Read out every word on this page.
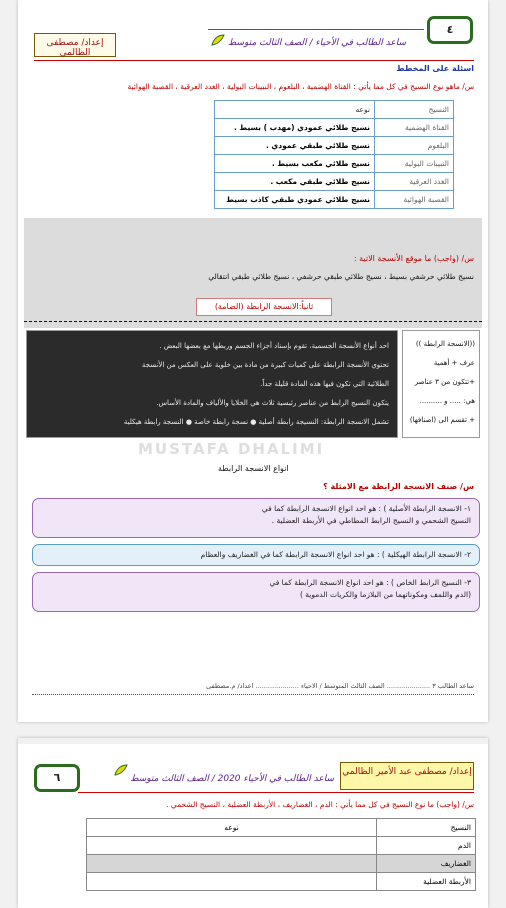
٤
إعداد/ مصطفى الظالمي
ساعد الطالب في الأحياء / الصف الثالث متوسط
اسئلة على المخطط
س/ ماهو نوع النسيج في كل مما يأتي : القناة الهضمية ، البلعوم ، النبيبات البولية ، الغدد العرقية ، القصبة الهوائية
النسيج	نوعه
القناة الهضمية	نسيج طلائي عمودي (مهدب ) بسيط .
البلعوم	نسيج طلائي طبقي عمودي .
النبيبات البولية	نسيج طلائي مكعب بسيط .
الغدد العرقية	نسيج طلائي طبقي مكعب .
القصبة الهوائية	نسيج طلائي عمودي طبقي كاذب بسيط
س/ (واجب) ما موقع الأنسجة الاتية :
نسيج طلائي حرشفي بسيط ، نسيج طلائي طبقي حرشفي ، نسيج طلائي طبقي انتقالي
ثانياً:الانسجة الرابطة (الضامة)
((الانسجة الرابطة ))
عرف + أهمية
+تتكون من ٣ عناصر
هي: ..... و ..........
+ تقسم الى (اصنافها)
احد أنواع الأنسجة الجسمية، تقوم بإسناد أجزاء الجسم وربطها مع بعضها البعض .
تحتوي الأنسجة الرابطة على كميات كبيرة من مادة بين خلوية على العكس من الأنسجة
الطلائية التي تكون فيها هذه المادة قليلة جداً.
يتكون النسيج الرابط من عناصر رئيسية ثلاث هي الخلايا والألياف والمادة الأساس.
تشمل الانسجة الرابطة: النسيجة رابطة أصلية ● نسجة رابطة خاصة ● النسجة رابطة هيكلية
MUSTAFA DHALIMI
انواع الانسجة الرابطة
س/ صنف الانسجة الرابطة مع الامثلة ؟
١- الانسجة الرابطة الأصلية ) : هو احد انواع الانسجة الرابطة كما في
النسيج الشحمي و النسيج الرابط المطاطي في الأربطة العضلية .
٢- الانسجة الرابطة الهيكلية ) : هو احد انواع الانسجة الرابطة كما في الغضاريف والعظام
٣- النسيج الرابط الخاص ) : هو احد انواع الانسجة الرابطة كما في
(الدم واللمف ومكوناتهما من البلازما والكريات الدموية )
ساعد الطالب ٣ ..................... الصف الثالث المتوسط / الاحياء ..................... اعداد/ م.مصطفى
٦	إعداد/ مصطفى عبد الأمير الظالمي
ساعد الطالب في الأحياء 2020 / الصف الثالث متوسط
س/ (واجب) ما نوع النسيج في كل مما يأتي : الدم ، الغضاريف ، الأربطة العضلية ، النسيج الشحمي .
النسيج	نوعه
الدم	
الغضاريف	
الأربطة العضلية	
